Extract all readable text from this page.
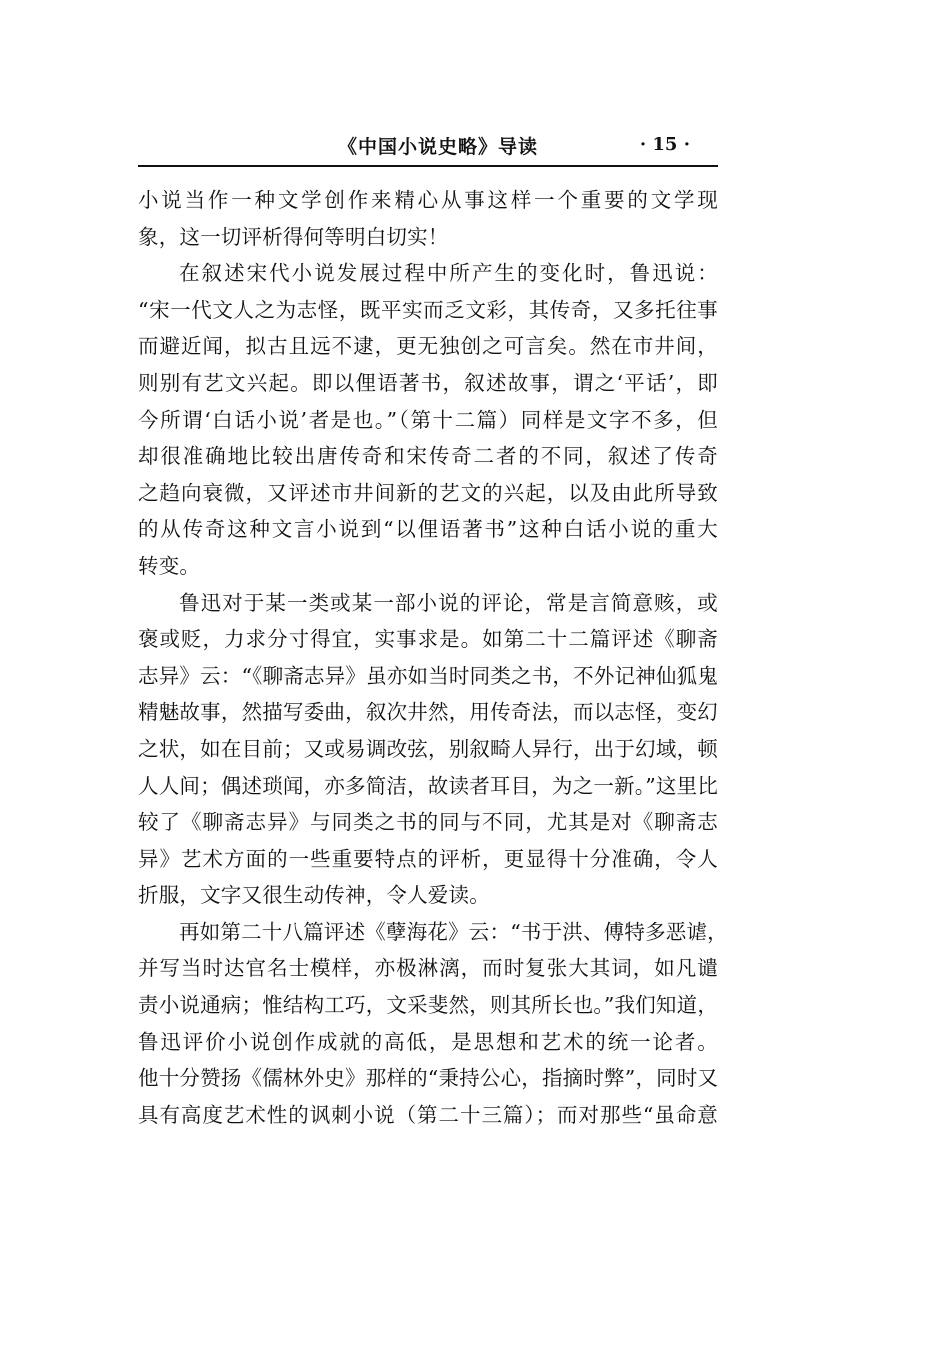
《中国小说史略》导读	· 15 ·
小说当作一种文学创作来精心从事这样一个重要的文学现
象，这一切评析得何等明白切实！
在叙述宋代小说发展过程中所产生的变化时，鲁迅说：
“宋一代文人之为志怪，既平实而乏文彩，其传奇，又多托往事
而避近闻，拟古且远不逮，更无独创之可言矣。然在市井间，
则别有艺文兴起。即以俚语著书，叙述故事，谓之‘平话’，即
今所谓‘白话小说’者是也。”（第十二篇）同样是文字不多，但
却很准确地比较出唐传奇和宋传奇二者的不同，叙述了传奇
之趋向衰微，又评述市井间新的艺文的兴起，以及由此所导致
的从传奇这种文言小说到“以俚语著书”这种白话小说的重大
转变。
鲁迅对于某一类或某一部小说的评论，常是言简意赅，或
褒或贬，力求分寸得宜，实事求是。如第二十二篇评述《聊斋
志异》云：“《聊斋志异》虽亦如当时同类之书，不外记神仙狐鬼
精魅故事，然描写委曲，叙次井然，用传奇法，而以志怪，变幻
之状，如在目前；又或易调改弦，别叙畸人异行，出于幻域，顿
人人间；偶述琐闻，亦多简洁，故读者耳目，为之一新。”这里比
较了《聊斋志异》与同类之书的同与不同，尤其是对《聊斋志
异》艺术方面的一些重要特点的评析，更显得十分准确，令人
折服，文字又很生动传神，令人爱读。
再如第二十八篇评述《孽海花》云：“书于洪、傅特多恶谑，
并写当时达官名士模样，亦极淋漓，而时复张大其词，如凡谴
责小说通病；惟结构工巧，文采斐然，则其所长也。”我们知道，
鲁迅评价小说创作成就的高低，是思想和艺术的统一论者。
他十分赞扬《儒林外史》那样的“秉持公心，指摘时弊”，同时又
具有高度艺术性的讽刺小说（第二十三篇）；而对那些“虽命意
